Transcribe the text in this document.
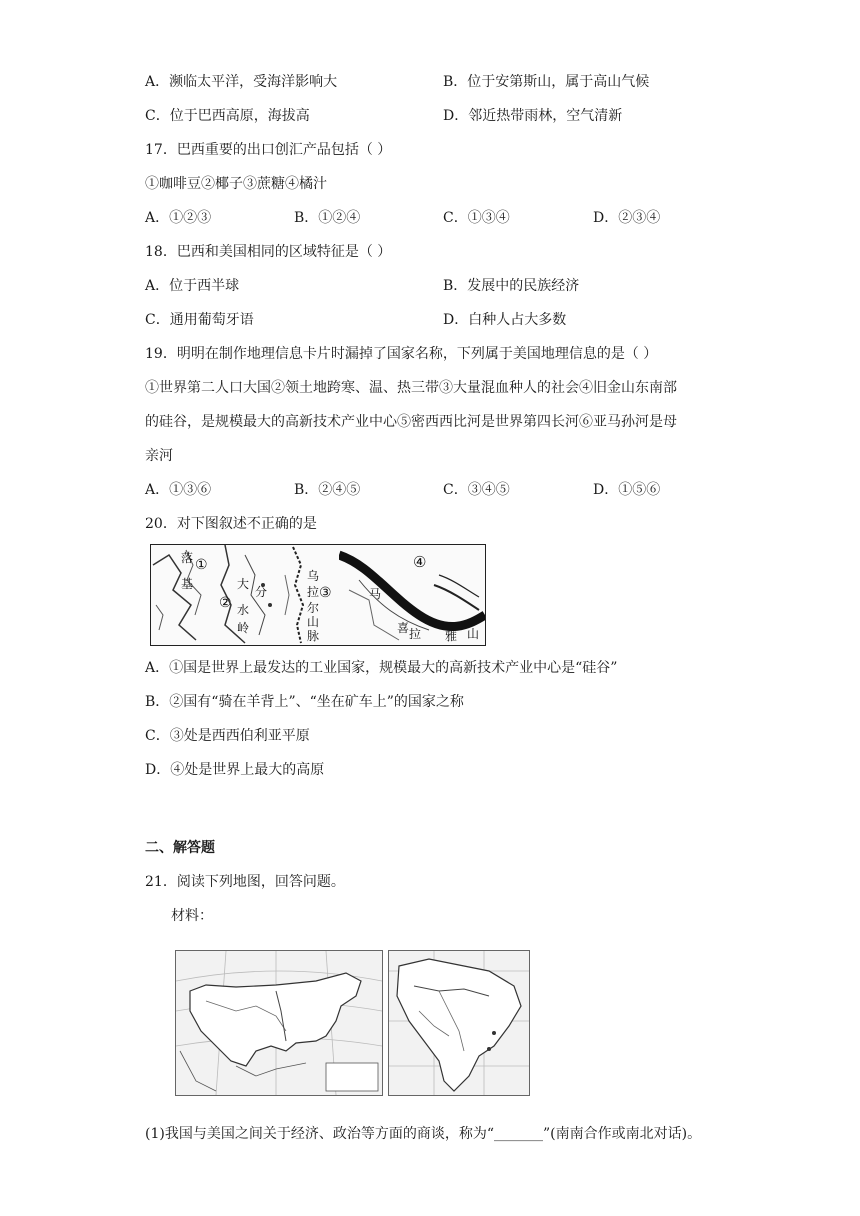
A．濒临太平洋，受海洋影响大	B．位于安第斯山，属于高山气候
C．位于巴西高原，海拔高	D．邻近热带雨林，空气清新
17．巴西重要的出口创汇产品包括（ ）
①咖啡豆②椰子③蔗糖④橘汁
A．①②③	B．①②④	C．①③④	D．②③④
18．巴西和美国相同的区域特征是（ ）
A．位于西半球	B．发展中的民族经济
C．通用葡萄牙语	D．白种人占大多数
19．明明在制作地理信息卡片时漏掉了国家名称，下列属于美国地理信息的是（ ）
①世界第二人口大国②领土地跨寒、温、热三带③大量混血种人的社会④旧金山东南部
的硅谷，是规模最大的高新技术产业中心⑤密西西比河是世界第四长河⑥亚马孙河是母
亲河
A．①③⑥	B．②④⑤	C．③④⑤	D．①⑤⑥
20．对下图叙述不正确的是
落 ①
基
②
大
分
水
岭
乌
拉 ③
尔
山
脉
④
马
喜 拉 雅 山
A．①国是世界上最发达的工业国家，规模最大的高新技术产业中心是“硅谷”
B．②国有“骑在羊背上”、“坐在矿车上”的国家之称
C．③处是西西伯利亚平原
D．④处是世界上最大的高原
二、解答题
21．阅读下列地图，回答问题。
材料：
(1)我国与美国之间关于经济、政治等方面的商谈，称为“_______”(南南合作或南北对话)。
